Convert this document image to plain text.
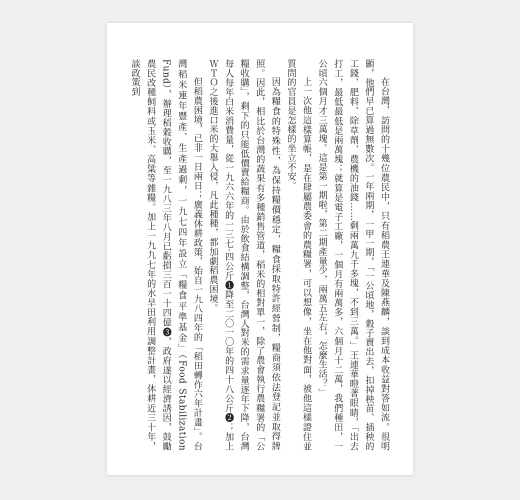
在台灣，訪問的十幾位農民中，只有稻農王連華及陳燕麟，談到成本收益對答如流。很明顯，他們早已算過無數次。一年兩期，一甲一期，「一公頃地，穀子賣出去，扣掉秧苗、插秧的工錢、肥料、除草劑、農機的油錢……剩兩萬九千多塊，不到三萬。」王連華瞪著眼睛，「出去打工，最低最低是兩萬塊；就算是電子工廠，一個月有兩萬多，六個月十二萬，我們種田，一公頃六個月才三萬塊。這是第一期啦，第二期產量少，兩萬五左右，怎麼生活？」

上一次他這樣算帳，是在肆屬農委會的農糧署，可以想像，坐在他對面，被他這樣證住並質問的官員是怎樣的坐立不安。

因為糧食的特殊性，為保持糧價穩定，糧食採取特許經營制，糧商須依法登記並取得牌照。因此，相比於台灣的蔬果有多種銷售管道，稻米的相對單一，除了農會執行農糧署的「公糧收購」，剩下的只能低價賣給糧商。由於飲食結構調整，台灣人對米的需求量逐年下降，台灣每人每年白米消費量，從一九六六年的一三七·四公斤❶降至二〇一〇年的四十八公斤❷；加上ＷＴＯ之後進口米的大舉入侵，凡此種種，都加劇稻農困境。

但稻農困境，已非一日兩日；廣義休耕政策，始自一九八四年的「稻田轉作六年計畫」。台灣稻米連年豐產、生產過剩，一九七四年設立「糧食平準基金」（Food Stabilization Fund），辦理稻穀收購，至一九八三年八月已虧損三百一十四億❸，政府遂以經濟誘因，鼓勵農民改種飼料或玉米、高粱等雜糧。加上一九九七年的水旱田利用調整計畫，休耕近三十年，談政策到
